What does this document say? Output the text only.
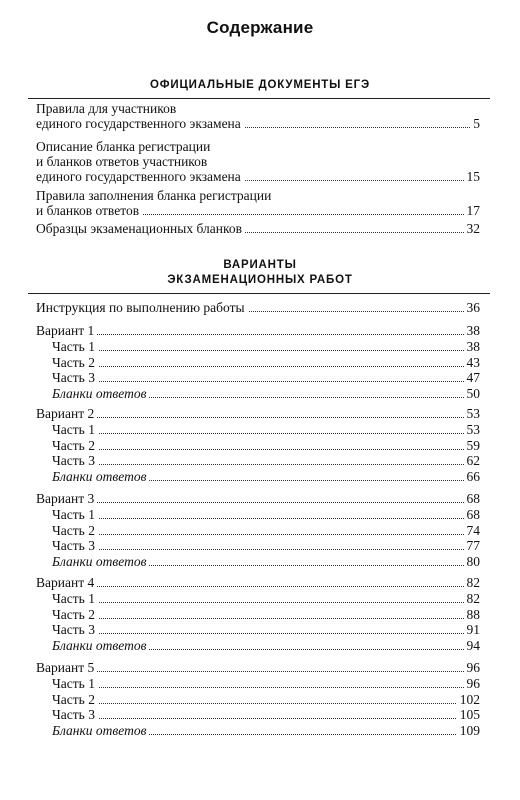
Содержание
ОФИЦИАЛЬНЫЕ ДОКУМЕНТЫ ЕГЭ
Правила для участников
единого государственного экзамена	5
Описание бланка регистрации
и бланков ответов участников
единого государственного экзамена	15
Правила заполнения бланка регистрации
и бланков ответов	17
Образцы экзаменационных бланков	32
ВАРИАНТЫ
ЭКЗАМЕНАЦИОННЫХ РАБОТ
Инструкция по выполнению работы	36
Вариант 1	38
Часть 1	38
Часть 2	43
Часть 3	47
Бланки ответов	50
Вариант 2	53
Часть 1	53
Часть 2	59
Часть 3	62
Бланки ответов	66
Вариант 3	68
Часть 1	68
Часть 2	74
Часть 3	77
Бланки ответов	80
Вариант 4	82
Часть 1	82
Часть 2	88
Часть 3	91
Бланки ответов	94
Вариант 5	96
Часть 1	96
Часть 2	102
Часть 3	105
Бланки ответов	109
